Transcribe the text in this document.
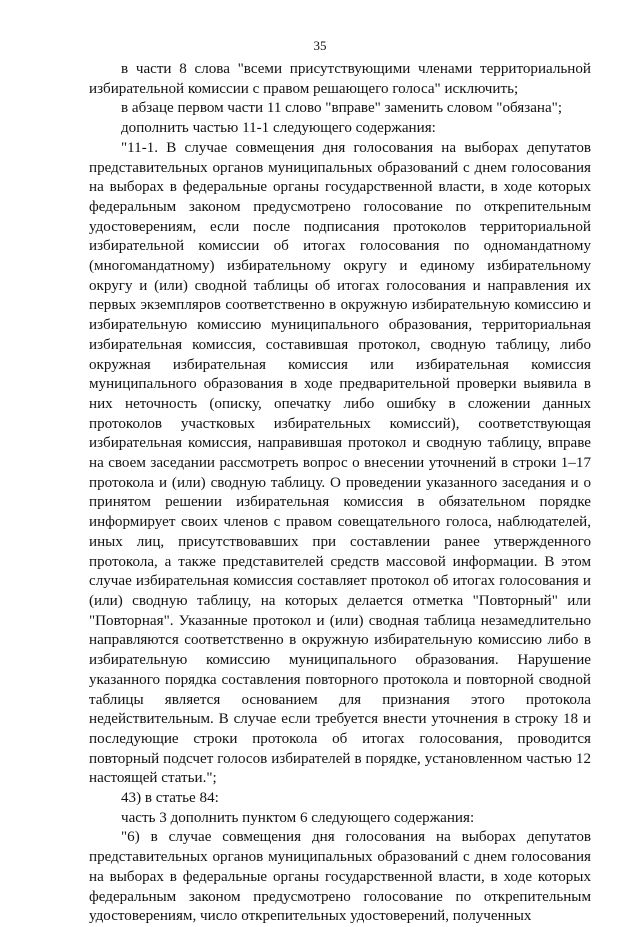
35

в части 8 слова "всеми присутствующими членами территориальной избирательной комиссии с правом решающего голоса" исключить;

в абзаце первом части 11 слово "вправе" заменить словом "обязана";

дополнить частью 11-1 следующего содержания:

"11-1. В случае совмещения дня голосования на выборах депутатов представительных органов муниципальных образований с днем голосования на выборах в федеральные органы государственной власти, в ходе которых федеральным законом предусмотрено голосование по открепительным удостоверениям, если после подписания протоколов территориальной избирательной комиссии об итогах голосования по одномандатному (многомандатному) избирательному округу и единому избирательному округу и (или) сводной таблицы об итогах голосования и направления их первых экземпляров соответственно в окружную избирательную комиссию и избирательную комиссию муниципального образования, территориальная избирательная комиссия, составившая протокол, сводную таблицу, либо окружная избирательная комиссия или избирательная комиссия муниципального образования в ходе предварительной проверки выявила в них неточность (описку, опечатку либо ошибку в сложении данных протоколов участковых избирательных комиссий), соответствующая избирательная комиссия, направившая протокол и сводную таблицу, вправе на своем заседании рассмотреть вопрос о внесении уточнений в строки 1–17 протокола и (или) сводную таблицу. О проведении указанного заседания и о принятом решении избирательная комиссия в обязательном порядке информирует своих членов с правом совещательного голоса, наблюдателей, иных лиц, присутствовавших при составлении ранее утвержденного протокола, а также представителей средств массовой информации. В этом случае избирательная комиссия составляет протокол об итогах голосования и (или) сводную таблицу, на которых делается отметка "Повторный" или "Повторная". Указанные протокол и (или) сводная таблица незамедлительно направляются соответственно в окружную избирательную комиссию либо в избирательную комиссию муниципального образования. Нарушение указанного порядка составления повторного протокола и повторной сводной таблицы является основанием для признания этого протокола недействительным. В случае если требуется внести уточнения в строку 18 и последующие строки протокола об итогах голосования, проводится повторный подсчет голосов избирателей в порядке, установленном частью 12 настоящей статьи.";

43) в статье 84:

часть 3 дополнить пунктом 6 следующего содержания:

"6) в случае совмещения дня голосования на выборах депутатов представительных органов муниципальных образований с днем голосования на выборах в федеральные органы государственной власти, в ходе которых федеральным законом предусмотрено голосование по открепительным удостоверениям, число открепительных удостоверений, полученных
